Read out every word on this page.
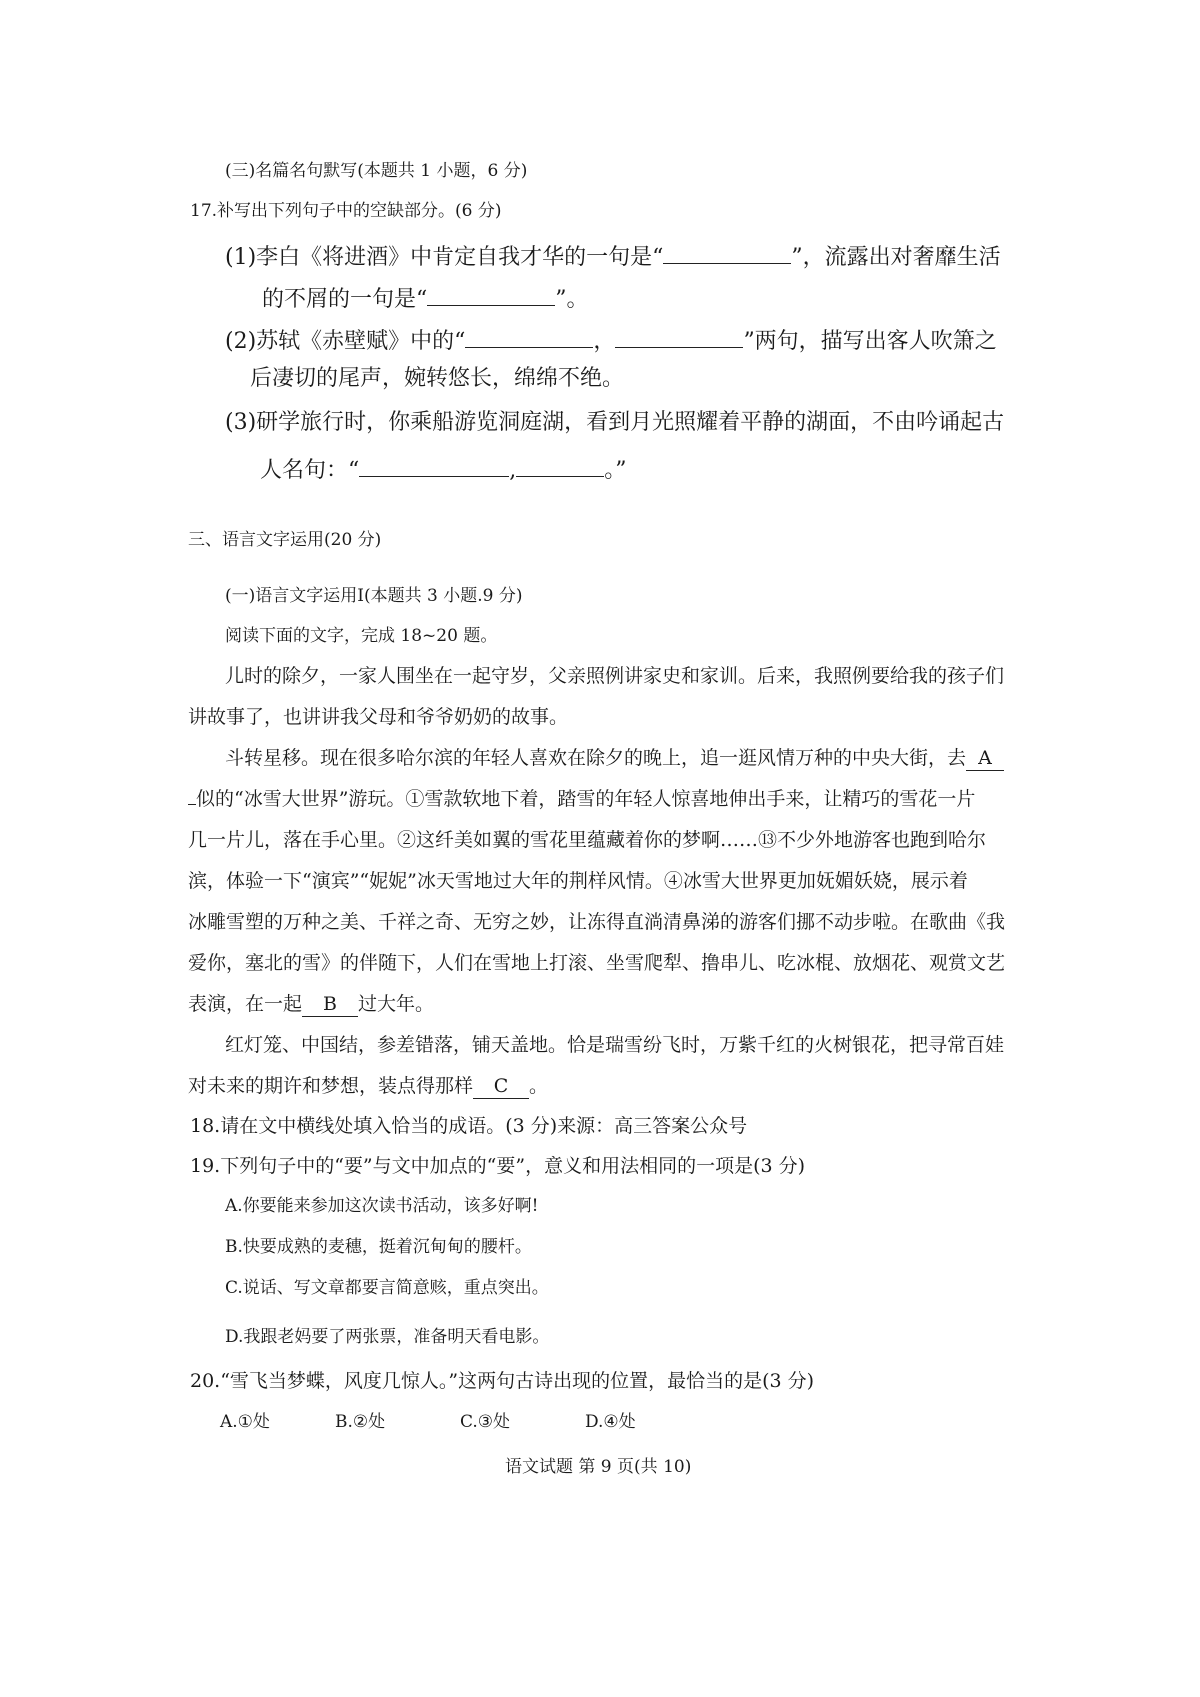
(三)名篇名句默写(本题共 1 小题，6 分)

17.补写出下列句子中的空缺部分。(6 分)

(1)李白《将进酒》中肯定自我才华的一句是“	”，流露出对奢靡生活

的不屑的一句是“	”。

(2)苏轼《赤壁赋》中的“	，	”两句，描写出客人吹箫之

后凄切的尾声，婉转悠长，绵绵不绝。

(3)研学旅行时，你乘船游览洞庭湖，看到月光照耀着平静的湖面，不由吟诵起古

人名句：“	,	。”

三、语言文字运用(20 分)

(一)语言文字运用Ⅰ(本题共 3 小题.9 分)

阅读下面的文字，完成 18~20 题。

儿时的除夕，一家人围坐在一起守岁，父亲照例讲家史和家训。后来，我照例要给我的孩子们

讲故事了，也讲讲我父母和爷爷奶奶的故事。

斗转星移。现在很多哈尔滨的年轻人喜欢在除夕的晚上，追一逛风情万种的中央大街，去 A

似的“冰雪大世界”游玩。①雪款软地下着，踏雪的年轻人惊喜地伸出手来，让精巧的雪花一片

几一片儿，落在手心里。②这纤美如翼的雪花里蕴藏着你的梦啊……⑬不少外地游客也跑到哈尔

滨，体验一下“演宾”“妮妮”冰天雪地过大年的荆样风情。④冰雪大世界更加妩媚妖娆，展示着

冰雕雪塑的万种之美、千祥之奇、无穷之妙，让冻得直淌清鼻涕的游客们挪不动步啦。在歌曲《我

爱你，塞北的雪》的伴随下，人们在雪地上打滚、坐雪爬犁、撸串儿、吃冰棍、放烟花、观赏文艺

表演，在一起 B 过大年。

红灯笼、中国结，参差错落，铺天盖地。恰是瑞雪纷飞时，万紫千红的火树银花，把寻常百娃

对未来的期许和梦想，装点得那样 C 。

18.请在文中横线处填入恰当的成语。(3 分)来源：高三答案公众号

19.下列句子中的“要”与文中加点的“要”，意义和用法相同的一项是(3 分)

A.你要能来参加这次读书活动，该多好啊!

B.快要成熟的麦穗，挺着沉甸甸的腰杆。

C.说话、写文章都要言简意赅，重点突出。

D.我跟老妈要了两张票，准备明天看电影。

20.“雪飞当梦蝶，风度几惊人。”这两句古诗出现的位置，最恰当的是(3 分)

A.①处	B.②处	C.③处	D.④处

语文试题 第 9 页(共 10)
